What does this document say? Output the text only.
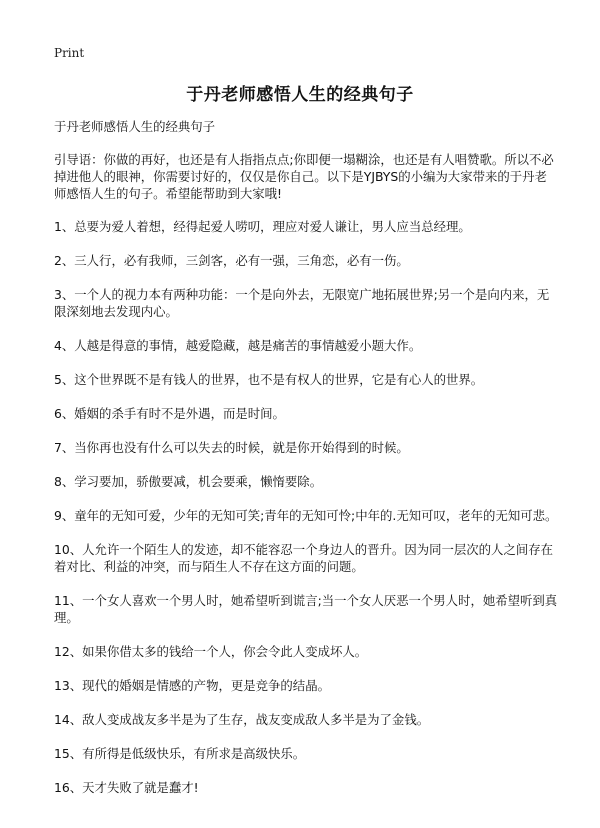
Print
于丹老师感悟人生的经典句子

于丹老师感悟人生的经典句子

引导语：你做的再好，也还是有人指指点点;你即便一塌糊涂，也还是有人唱赞歌。所以不必掉进他人的眼神，你需要讨好的，仅仅是你自己。以下是YJBYS的小编为大家带来的于丹老师感悟人生的句子。希望能帮助到大家哦!

1、总要为爱人着想，经得起爱人唠叨，理应对爱人谦让，男人应当总经理。
2、三人行，必有我师，三剑客，必有一强，三角恋，必有一伤。
3、一个人的视力本有两种功能：一个是向外去，无限宽广地拓展世界;另一个是向内来，无限深刻地去发现内心。
4、人越是得意的事情，越爱隐藏，越是痛苦的事情越爱小题大作。
5、这个世界既不是有钱人的世界，也不是有权人的世界，它是有心人的世界。
6、婚姻的杀手有时不是外遇，而是时间。
7、当你再也没有什么可以失去的时候，就是你开始得到的时候。
8、学习要加，骄傲要减，机会要乘，懒惰要除。
9、童年的无知可爱，少年的无知可笑;青年的无知可怜;中年的.无知可叹，老年的无知可悲。
10、人允许一个陌生人的发迹，却不能容忍一个身边人的晋升。因为同一层次的人之间存在着对比、利益的冲突，而与陌生人不存在这方面的问题。
11、一个女人喜欢一个男人时，她希望听到谎言;当一个女人厌恶一个男人时，她希望听到真理。
12、如果你借太多的钱给一个人，你会令此人变成坏人。
13、现代的婚姻是情感的产物，更是竞争的结晶。
14、敌人变成战友多半是为了生存，战友变成敌人多半是为了金钱。
15、有所得是低级快乐，有所求是高级快乐。
16、天才失败了就是蠢才!
